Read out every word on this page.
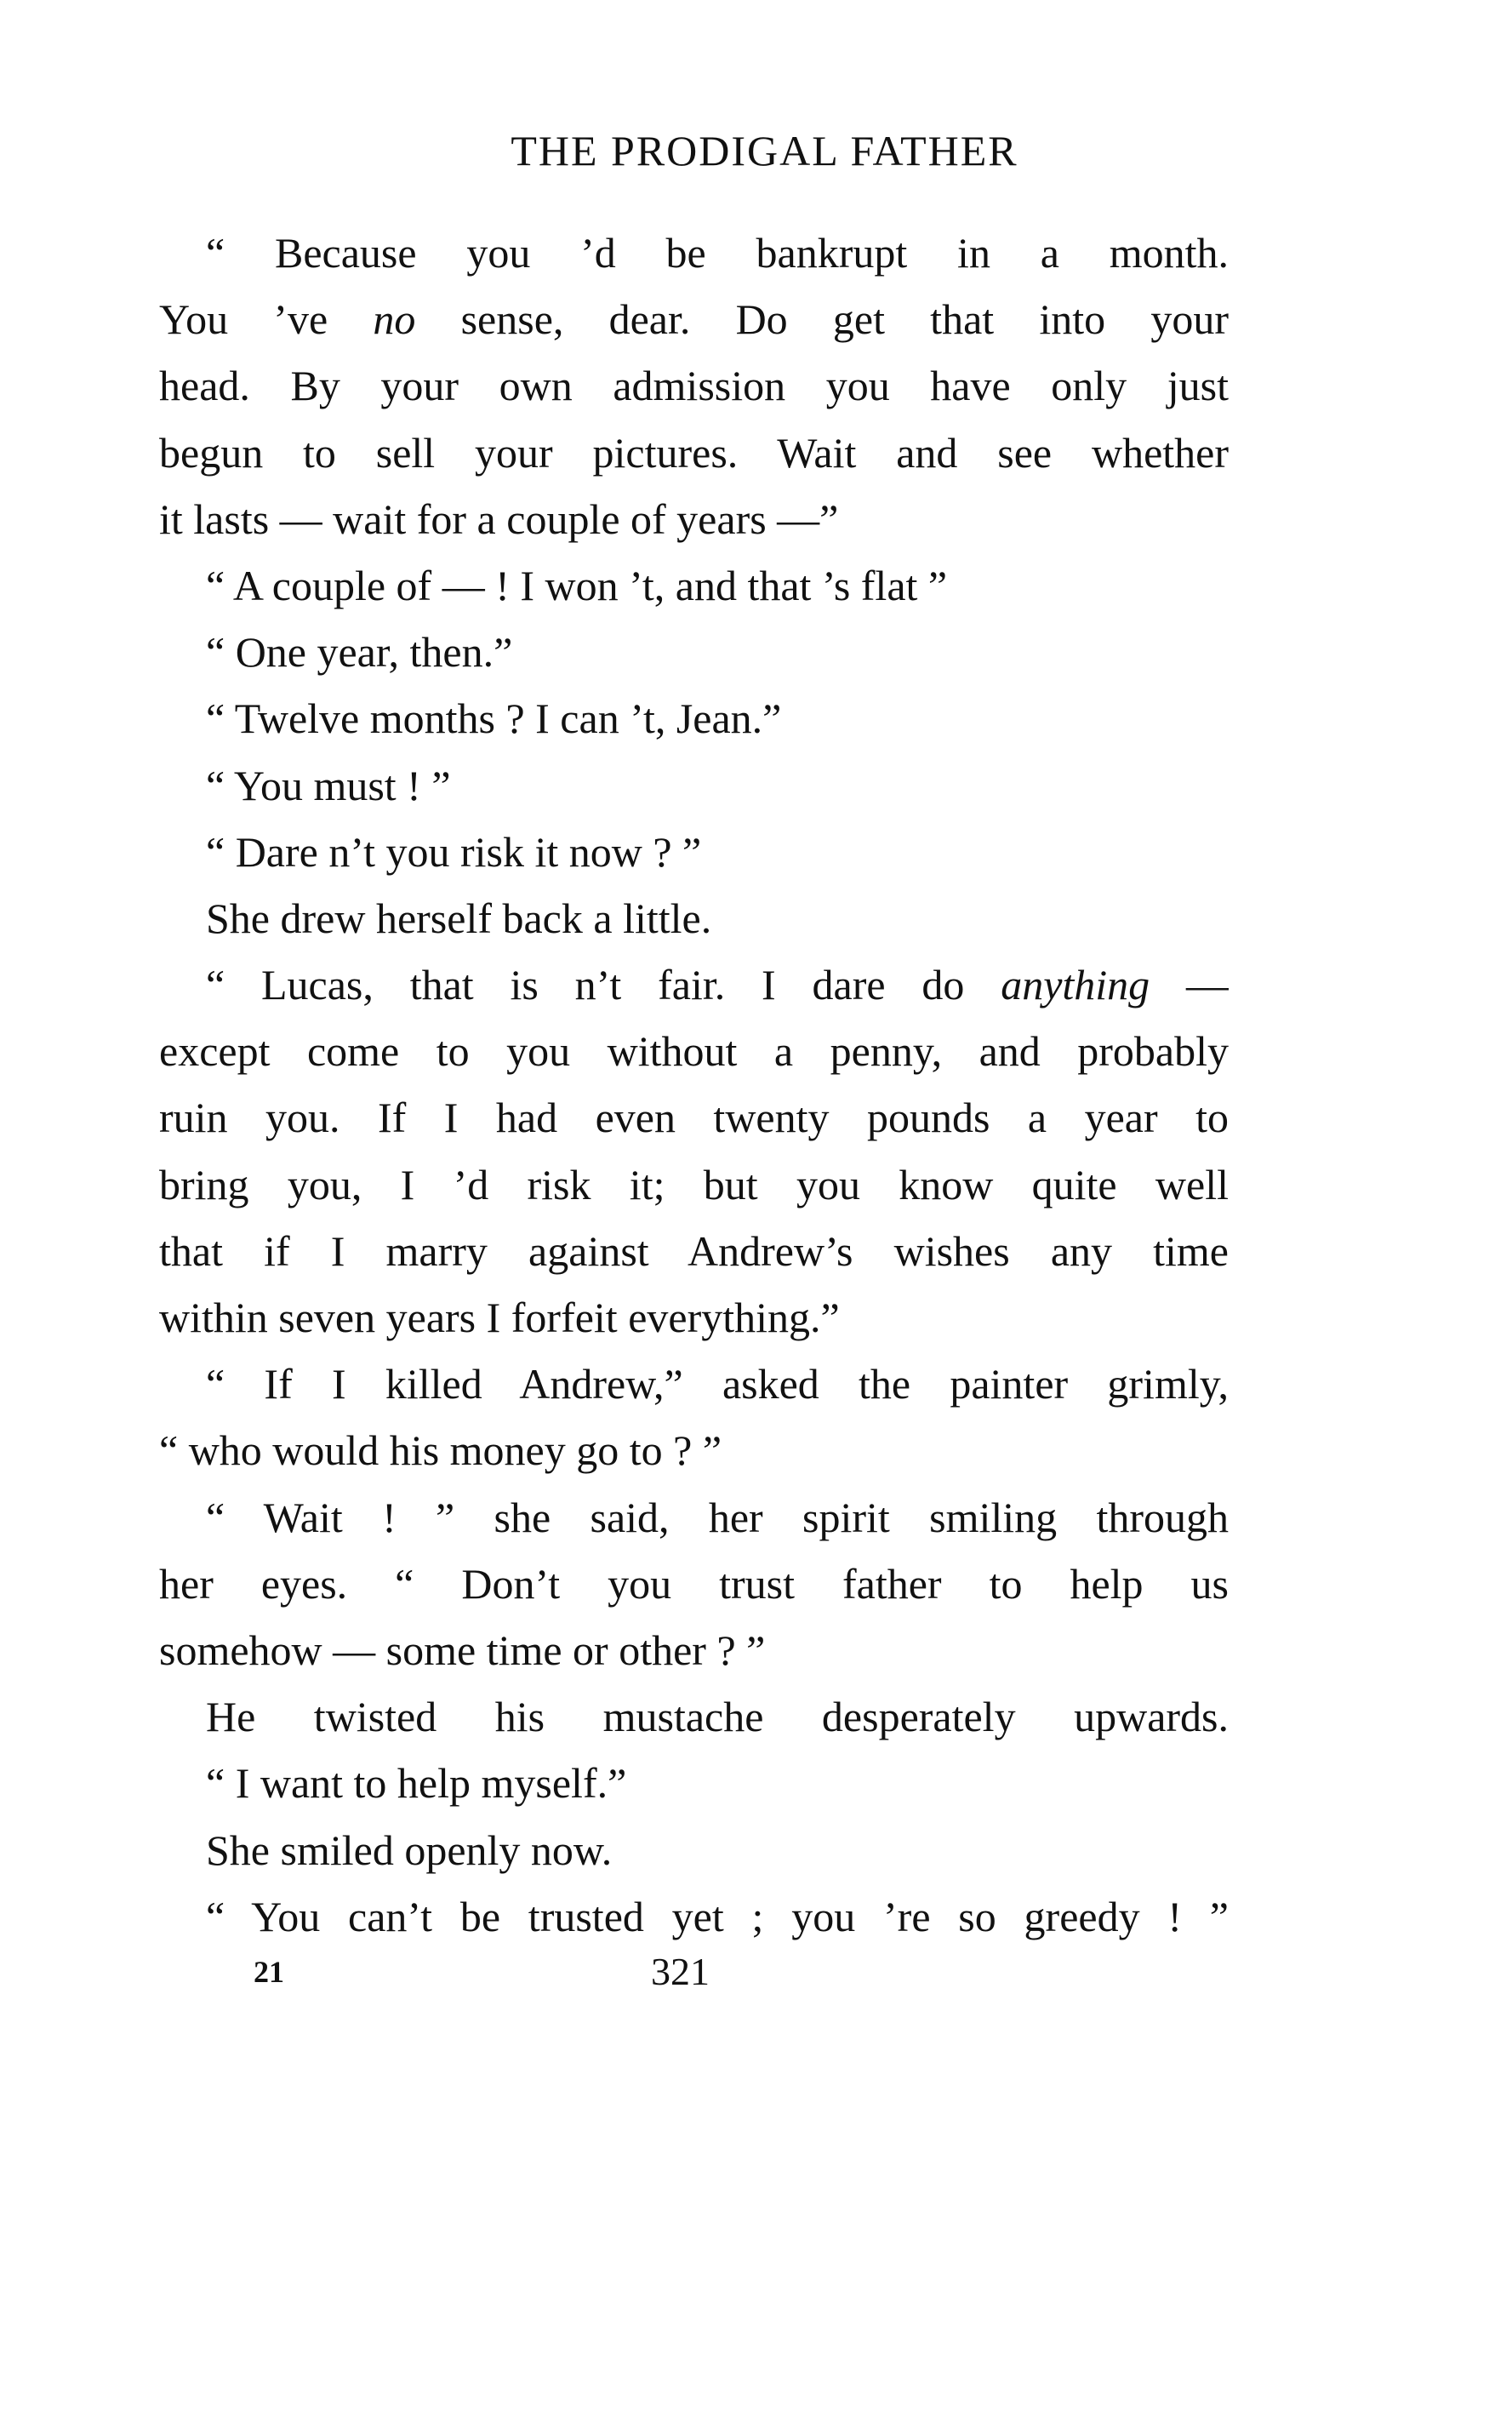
THE PRODIGAL FATHER
“ Because you ’d be bankrupt in a month.
You ’ve no sense, dear. Do get that into your
head. By your own admission you have only just
begun to sell your pictures. Wait and see whether
it lasts — wait for a couple of years —”
“ A couple of — ! I won ’t, and that ’s flat ”
“ One year, then.”
“ Twelve months ? I can ’t, Jean.”
“ You must ! ”
“ Dare n’t you risk it now ? ”
She drew herself back a little.
“ Lucas, that is n’t fair. I dare do anything —
except come to you without a penny, and probably
ruin you. If I had even twenty pounds a year to
bring you, I ’d risk it; but you know quite well
that if I marry against Andrew’s wishes any time
within seven years I forfeit everything.”
“ If I killed Andrew,” asked the painter grimly,
“ who would his money go to ? ”
“ Wait ! ” she said, her spirit smiling through
her eyes. “ Don’t you trust father to help us
somehow — some time or other ? ”
He twisted his mustache desperately upwards.
“ I want to help myself.”
She smiled openly now.
“ You can’t be trusted yet ; you ’re so greedy ! ”
21	321
